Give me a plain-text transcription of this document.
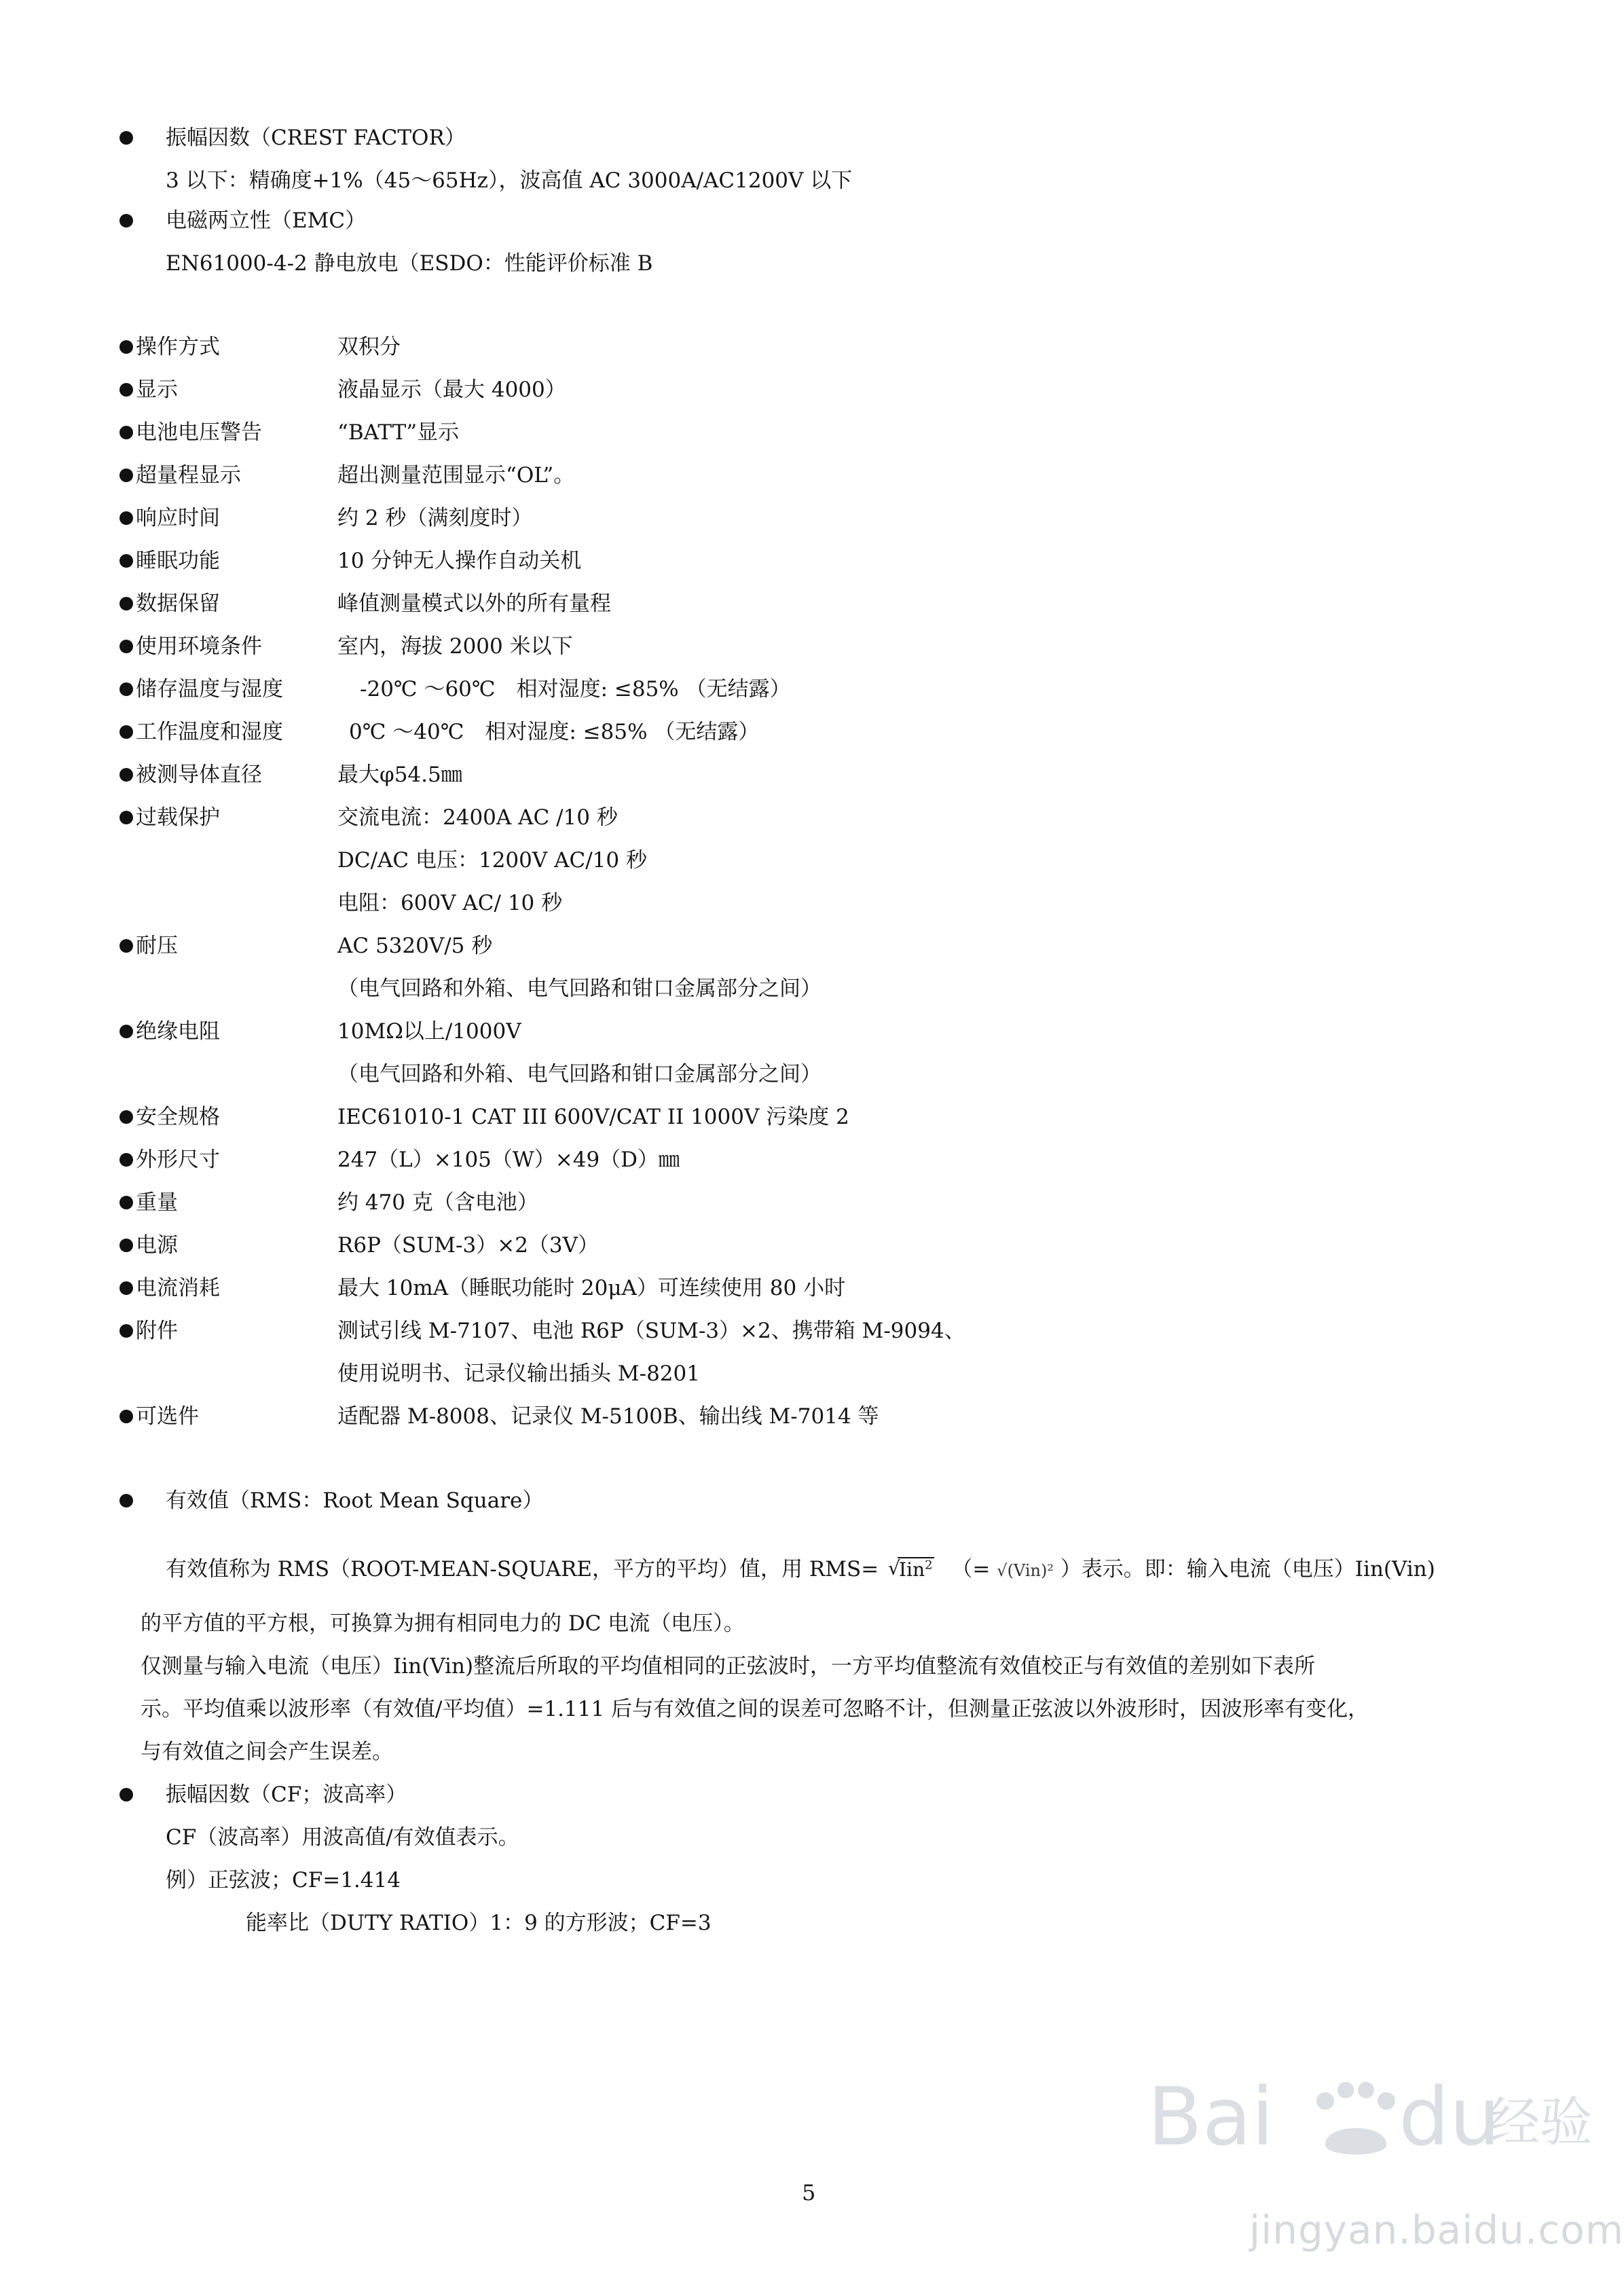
振幅因数（CREST FACTOR）
3 以下：精确度+1%（45～65Hz），波高值 AC 3000A/AC1200V 以下
电磁两立性（EMC）
EN61000-4-2 静电放电（ESDO：性能评价标准 B
操作方式	双积分
显示	液晶显示（最大 4000）
电池电压警告	“BATT”显示
超量程显示	超出测量范围显示“OL”。
响应时间	约 2 秒（满刻度时）
睡眠功能	10 分钟无人操作自动关机
数据保留	峰值测量模式以外的所有量程
使用环境条件	室内，海拔 2000 米以下
储存温度与湿度	-20℃ ～60℃　相对湿度: ≤85% （无结露）
工作温度和湿度	0℃ ～40℃　相对湿度: ≤85% （无结露）
被测导体直径	最大φ54.5㎜
过载保护	交流电流：2400A AC /10 秒
DC/AC 电压：1200V AC/10 秒
电阻：600V AC/ 10 秒
耐压	AC 5320V/5 秒
（电气回路和外箱、电气回路和钳口金属部分之间）
绝缘电阻	10MΩ以上/1000V
（电气回路和外箱、电气回路和钳口金属部分之间）
安全规格	IEC61010-1 CAT III 600V/CAT II 1000V 污染度 2
外形尺寸	247（L）×105（W）×49（D）㎜
重量	约 470 克（含电池）
电源	R6P（SUM-3）×2（3V）
电流消耗	最大 10mA（睡眠功能时 20μA）可连续使用 80 小时
附件	测试引线 M-7107、电池 R6P（SUM-3）×2、携带箱 M-9094、
使用说明书、记录仪输出插头 M-8201
可选件	适配器 M-8008、记录仪 M-5100B、输出线 M-7014 等
有效值（RMS：Root Mean Square）
有效值称为 RMS（ROOT-MEAN-SQUARE，平方的平均）值，用 RMS= √ Iin$^2$ （= √(Vin)² ）表示。即：输入电流（电压）Iin(Vin)
的平方值的平方根，可换算为拥有相同电力的 DC 电流（电压）。
仅测量与输入电流（电压）Iin(Vin)整流后所取的平均值相同的正弦波时，一方平均值整流有效值校正与有效值的差别如下表所
示。平均值乘以波形率（有效值/平均值）=1.111 后与有效值之间的误差可忽略不计，但测量正弦波以外波形时，因波形率有变化，
与有效值之间会产生误差。
振幅因数（CF；波高率）
CF（波高率）用波高值/有效值表示。
例）正弦波；CF=1.414
能率比（DUTY RATIO）1：9 的方形波；CF=3
5
Bai du
经验
jingyan.baidu.com
